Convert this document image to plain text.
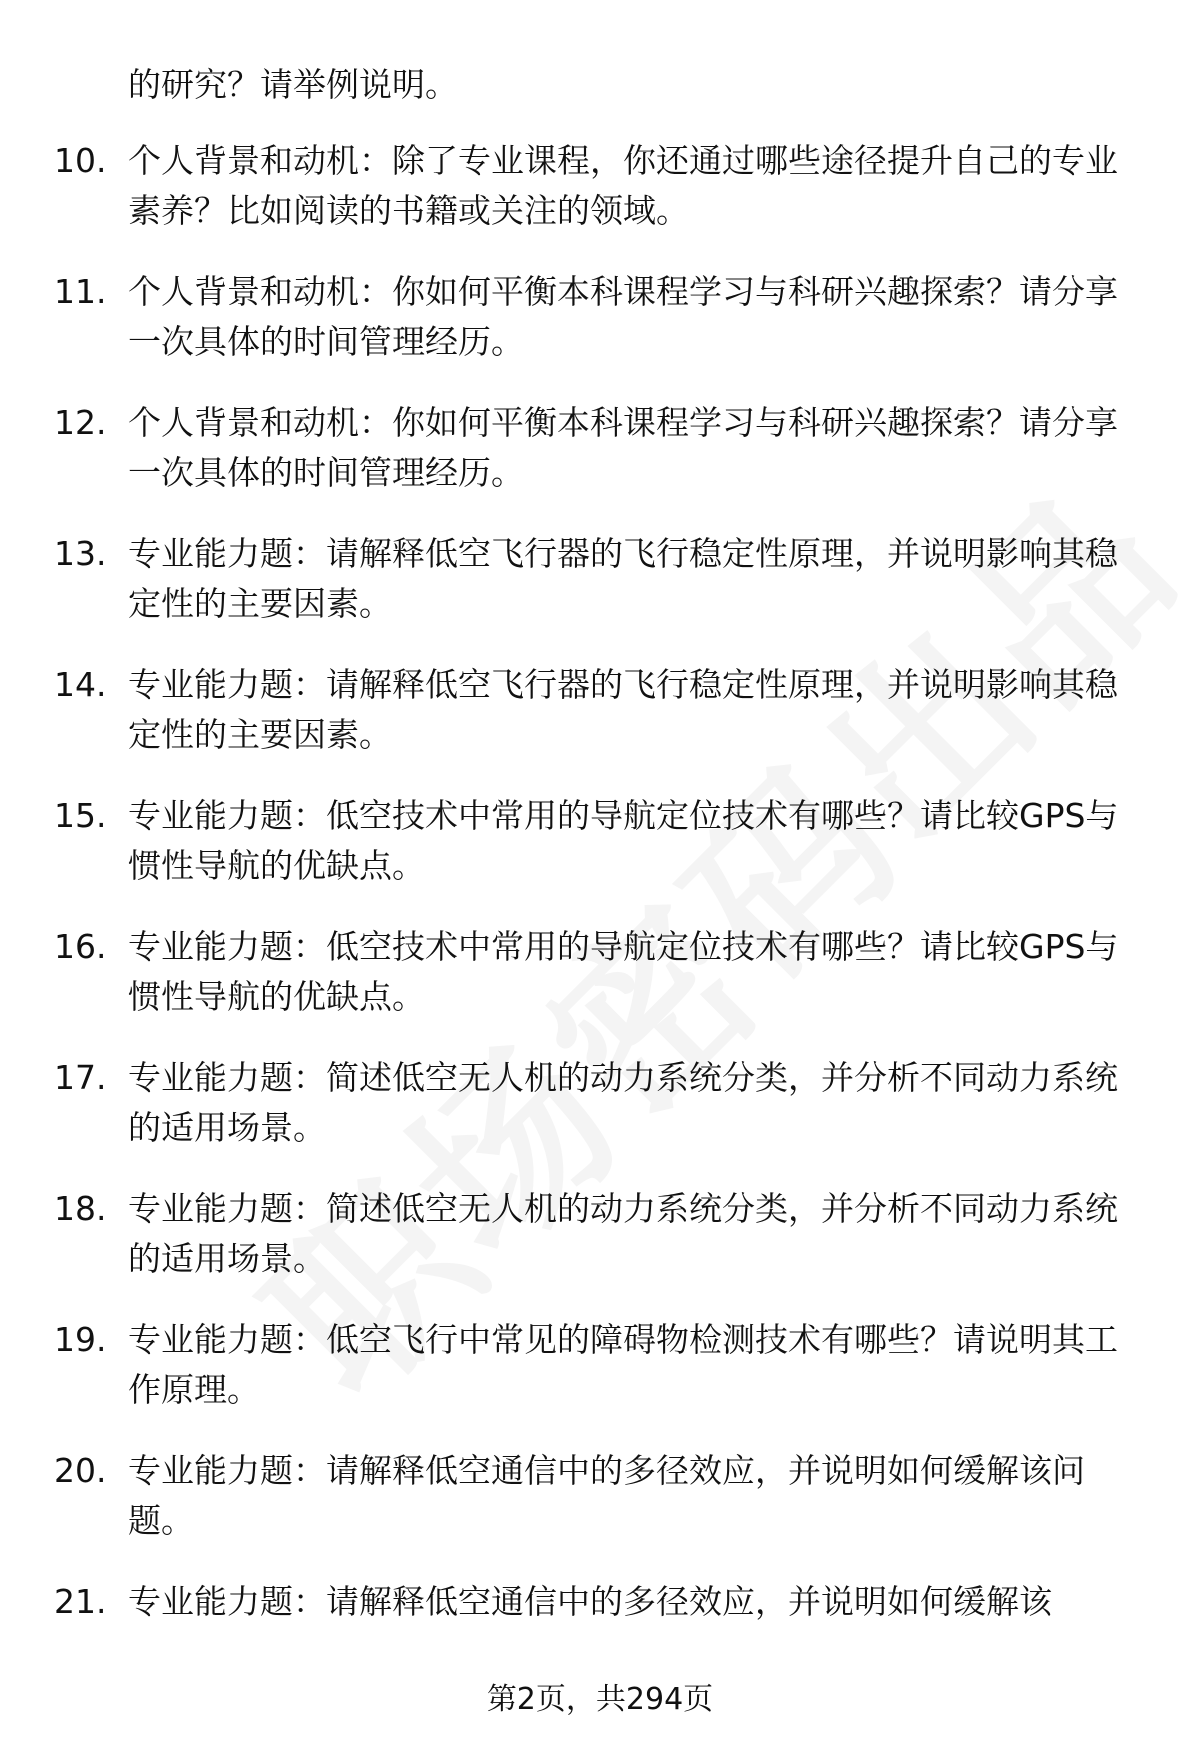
的研究？请举例说明。

10. 个人背景和动机：除了专业课程，你还通过哪些途径提升自己的专业素养？比如阅读的书籍或关注的领域。
11. 个人背景和动机：你如何平衡本科课程学习与科研兴趣探索？请分享一次具体的时间管理经历。
12. 个人背景和动机：你如何平衡本科课程学习与科研兴趣探索？请分享一次具体的时间管理经历。
13. 专业能力题：请解释低空飞行器的飞行稳定性原理，并说明影响其稳定性的主要因素。
14. 专业能力题：请解释低空飞行器的飞行稳定性原理，并说明影响其稳定性的主要因素。
15. 专业能力题：低空技术中常用的导航定位技术有哪些？请比较GPS与惯性导航的优缺点。
16. 专业能力题：低空技术中常用的导航定位技术有哪些？请比较GPS与惯性导航的优缺点。
17. 专业能力题：简述低空无人机的动力系统分类，并分析不同动力系统的适用场景。
18. 专业能力题：简述低空无人机的动力系统分类，并分析不同动力系统的适用场景。
19. 专业能力题：低空飞行中常见的障碍物检测技术有哪些？请说明其工作原理。
20. 专业能力题：请解释低空通信中的多径效应，并说明如何缓解该问题。
21. 专业能力题：请解释低空通信中的多径效应，并说明如何缓解该
第2页，共294页
